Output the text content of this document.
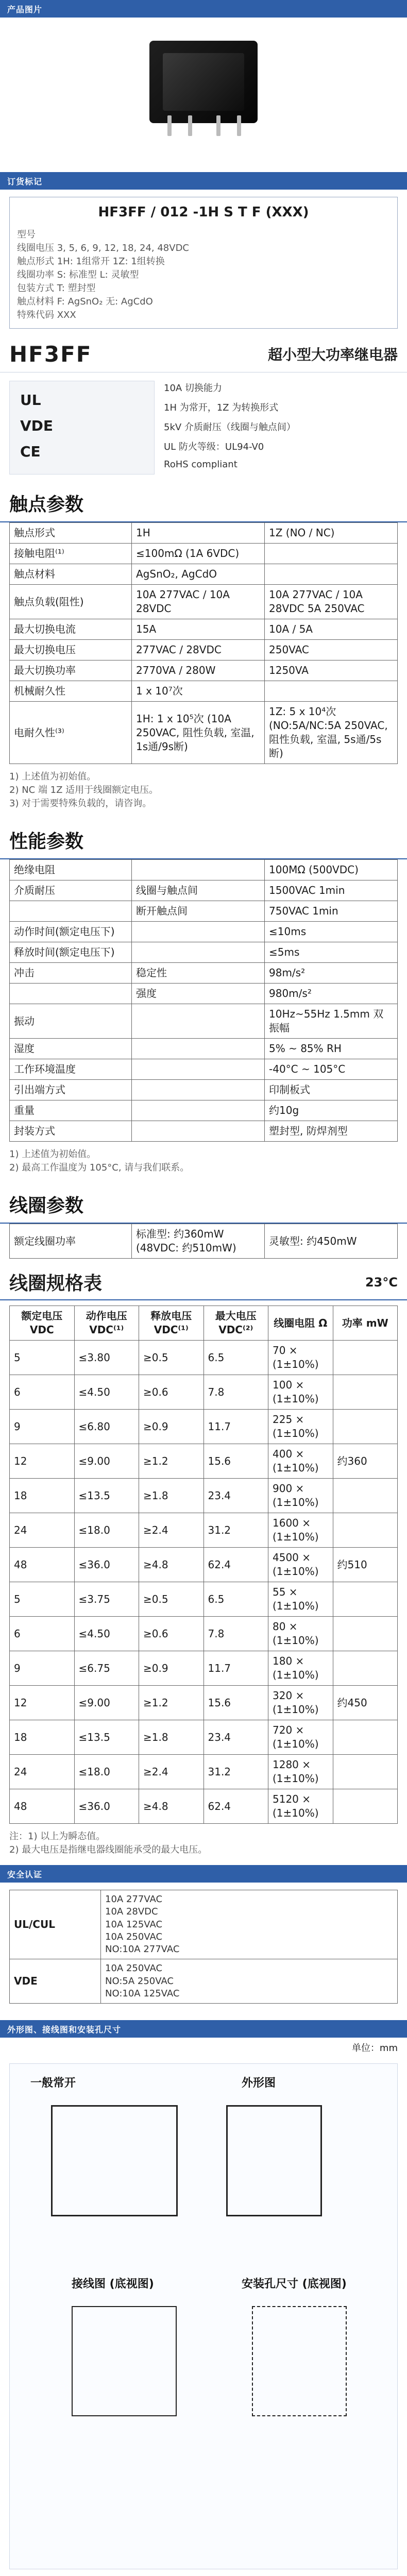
产品图片
订货标记
HF3FF / 012 -1H S T F (XXX)
型号
线圈电压 3, 5, 6, 9, 12, 18, 24, 48VDC
触点形式 1H: 1组常开 1Z: 1组转换
线圈功率 S: 标准型 L: 灵敏型
包装方式 T: 塑封型
触点材料 F: AgSnO₂ 无: AgCdO
特殊代码 XXX
HF3FF	超小型大功率继电器
UL
VDE
CE
10A 切换能力
1H 为常开，1Z 为转换形式
5kV 介质耐压（线圈与触点间）
UL 防火等级：UL94-V0
RoHS compliant
触点参数
触点形式	1H	1Z (NO / NC)
接触电阻⁽¹⁾	≤100mΩ (1A 6VDC)	
触点材料	AgSnO₂, AgCdO	
触点负载(阻性)	10A 277VAC / 10A 28VDC	10A 277VAC / 10A 28VDC 5A 250VAC
最大切换电流	15A	10A / 5A
最大切换电压	277VAC / 28VDC	250VAC
最大切换功率	2770VA / 280W	1250VA
机械耐久性	1 x 10⁷次	
电耐久性⁽³⁾	1H: 1 x 10⁵次 (10A 250VAC, 阻性负载, 室温, 1s通/9s断)	1Z: 5 x 10⁴次 (NO:5A/NC:5A 250VAC, 阻性负载, 室温, 5s通/5s断)
1) 上述值为初始值。
2) NC 端 1Z 适用于线圈额定电压。
3) 对于需要特殊负载的，请咨询。
性能参数
绝缘电阻		100MΩ (500VDC)
介质耐压	线圈与触点间	1500VAC 1min
	断开触点间	750VAC 1min
动作时间(额定电压下)		≤10ms
释放时间(额定电压下)		≤5ms
冲击	稳定性	98m/s²
	强度	980m/s²
振动		10Hz~55Hz 1.5mm 双振幅
湿度		5% ~ 85% RH
工作环境温度		-40°C ~ 105°C
引出端方式		印制板式
重量		约10g
封装方式		塑封型, 防焊剂型
1) 上述值为初始值。
2) 最高工作温度为 105°C, 请与我们联系。
线圈参数
额定线圈功率	标准型: 约360mW (48VDC: 约510mW)	灵敏型: 约450mW
线圈规格表	23°C
额定电压 VDC	动作电压 VDC⁽¹⁾	释放电压 VDC⁽¹⁾	最大电压 VDC⁽²⁾	线圈电阻 Ω	功率 mW
5	≤3.80	≥0.5	6.5	70 × (1±10%)	
6	≤4.50	≥0.6	7.8	100 × (1±10%)	
9	≤6.80	≥0.9	11.7	225 × (1±10%)	
12	≤9.00	≥1.2	15.6	400 × (1±10%)	约360
18	≤13.5	≥1.8	23.4	900 × (1±10%)	
24	≤18.0	≥2.4	31.2	1600 × (1±10%)	
48	≤36.0	≥4.8	62.4	4500 × (1±10%)	约510
5	≤3.75	≥0.5	6.5	55 × (1±10%)	
6	≤4.50	≥0.6	7.8	80 × (1±10%)	
9	≤6.75	≥0.9	11.7	180 × (1±10%)	
12	≤9.00	≥1.2	15.6	320 × (1±10%)	约450
18	≤13.5	≥1.8	23.4	720 × (1±10%)	
24	≤18.0	≥2.4	31.2	1280 × (1±10%)	
48	≤36.0	≥4.8	62.4	5120 × (1±10%)	
注：1) 以上为瞬态值。
2) 最大电压是指继电器线圈能承受的最大电压。
安全认证
UL/CUL	10A 277VAC
10A 28VDC
10A 125VAC
10A 250VAC
NO:10A 277VAC

VDE	10A 250VAC
NO:5A 250VAC
NO:10A 125VAC
外形图、接线图和安装孔尺寸
单位：mm
一般常开	外形图
接线图 (底视图)	安装孔尺寸 (底视图)
